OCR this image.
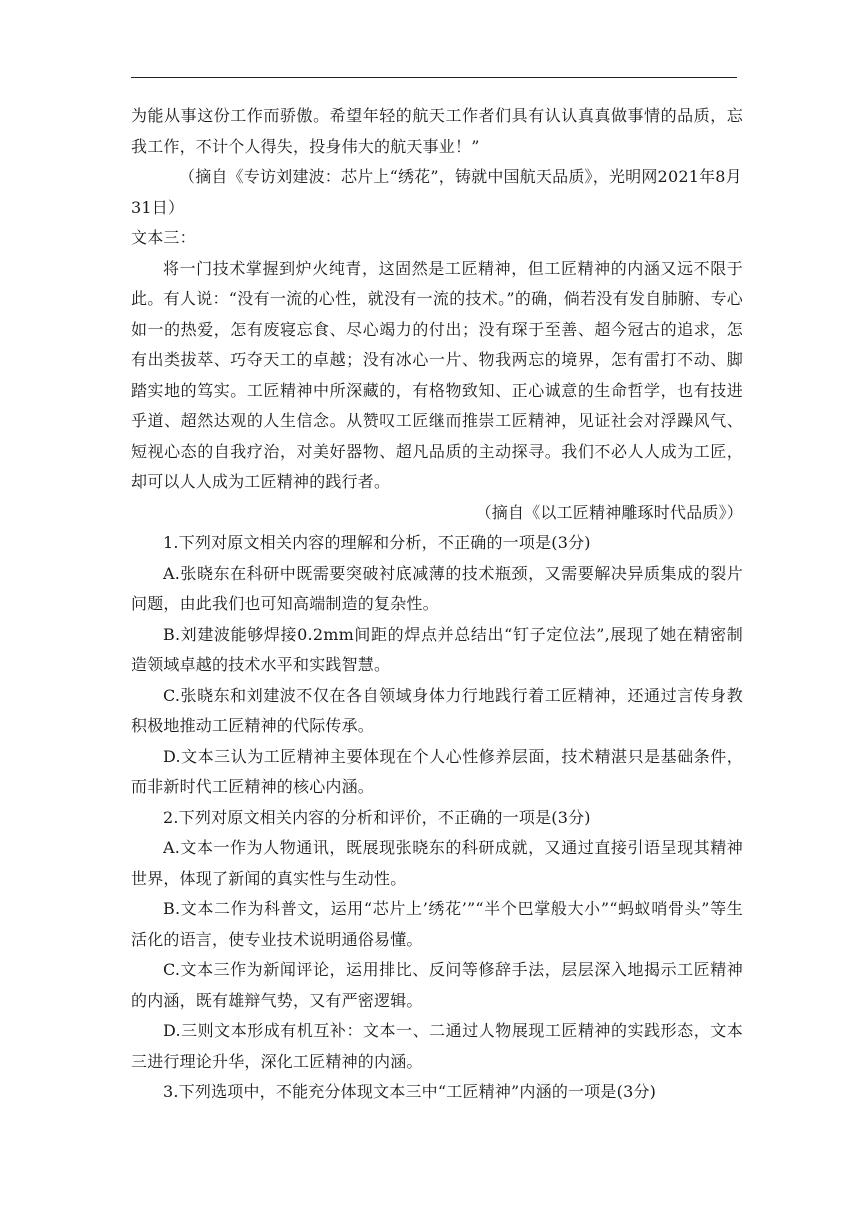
为能从事这份工作而骄傲。希望年轻的航天工作者们具有认认真真做事情的品质，忘我工作，不计个人得失，投身伟大的航天事业！”

（摘自《专访刘建波：芯片上“绣花”，铸就中国航天品质》，光明网2021年8月31日）

文本三：

将一门技术掌握到炉火纯青，这固然是工匠精神，但工匠精神的内涵又远不限于此。有人说：“没有一流的心性，就没有一流的技术。”的确，倘若没有发自肺腑、专心如一的热爱，怎有废寝忘食、尽心竭力的付出；没有琛于至善、超今冠古的追求，怎有出类拔萃、巧夺天工的卓越；没有冰心一片、物我两忘的境界，怎有雷打不动、脚踏实地的笃实。工匠精神中所深藏的，有格物致知、正心诚意的生命哲学，也有技进乎道、超然达观的人生信念。从赞叹工匠继而推崇工匠精神，见证社会对浮躁风气、短视心态的自我疗治，对美好器物、超凡品质的主动探寻。我们不必人人成为工匠，却可以人人成为工匠精神的践行者。

（摘自《以工匠精神雕琢时代品质》）

1.下列对原文相关内容的理解和分析，不正确的一项是(3分)

A.张晓东在科研中既需要突破衬底减薄的技术瓶颈，又需要解决异质集成的裂片问题，由此我们也可知高端制造的复杂性。

B.刘建波能够焊接0.2mm间距的焊点并总结出“钉子定位法”,展现了她在精密制造领域卓越的技术水平和实践智慧。

C.张晓东和刘建波不仅在各自领域身体力行地践行着工匠精神，还通过言传身教积极地推动工匠精神的代际传承。

D.文本三认为工匠精神主要体现在个人心性修养层面，技术精湛只是基础条件，而非新时代工匠精神的核心内涵。

2.下列对原文相关内容的分析和评价，不正确的一项是(3分)

A.文本一作为人物通讯，既展现张晓东的科研成就，又通过直接引语呈现其精神世界，体现了新闻的真实性与生动性。

B.文本二作为科普文，运用“芯片上’绣花’”“半个巴掌般大小”“蚂蚁哨骨头”等生活化的语言，使专业技术说明通俗易懂。

C.文本三作为新闻评论，运用排比、反问等修辞手法，层层深入地揭示工匠精神的内涵，既有雄辩气势，又有严密逻辑。

D.三则文本形成有机互补：文本一、二通过人物展现工匠精神的实践形态，文本三进行理论升华，深化工匠精神的内涵。

3.下列选项中，不能充分体现文本三中“工匠精神”内涵的一项是(3分)
